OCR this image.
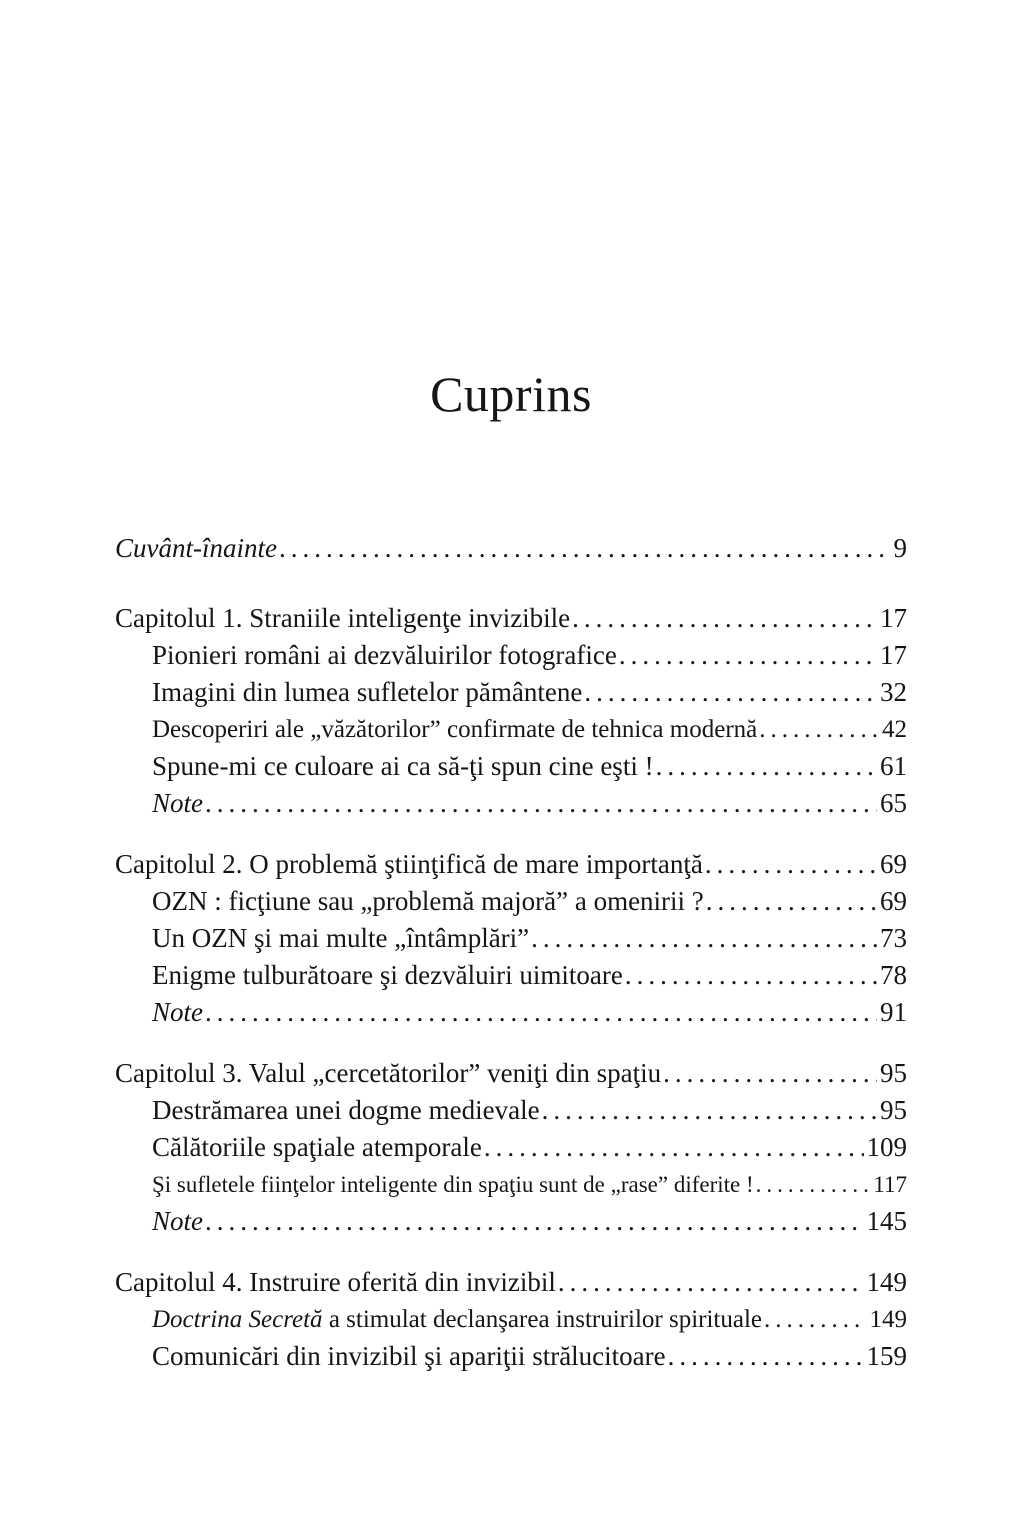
Cuprins
Cuvânt-înainte .....	9
Capitolul 1. Straniile inteligenţe invizibile .....	17
Pionieri români ai dezvăluirilor fotografice .....	17
Imagini din lumea sufletelor pământene .....	32
Descoperiri ale „văzătorilor” confirmate de tehnica modernă .....	42
Spune-mi ce culoare ai ca să-ţi spun cine eşti ! .....	61
Note .....	65
Capitolul 2. O problemă ştiinţifică de mare importanţă .....	69
OZN : ficţiune sau „problemă majoră” a omenirii ? .....	69
Un OZN şi mai multe „întâmplări” .....	73
Enigme tulburătoare şi dezvăluiri uimitoare .....	78
Note .....	91
Capitolul 3. Valul „cercetătorilor” veniţi din spaţiu .....	95
Destrămarea unei dogme medievale .....	95
Călătoriile spaţiale atemporale .....	109
Şi sufletele fiinţelor inteligente din spaţiu sunt de „rase” diferite ! .....	117
Note .....	145
Capitolul 4. Instruire oferită din invizibil .....	149
Doctrina Secretă a stimulat declanşarea instruirilor spirituale .....	149
Comunicări din invizibil şi apariţii strălucitoare .....	159
